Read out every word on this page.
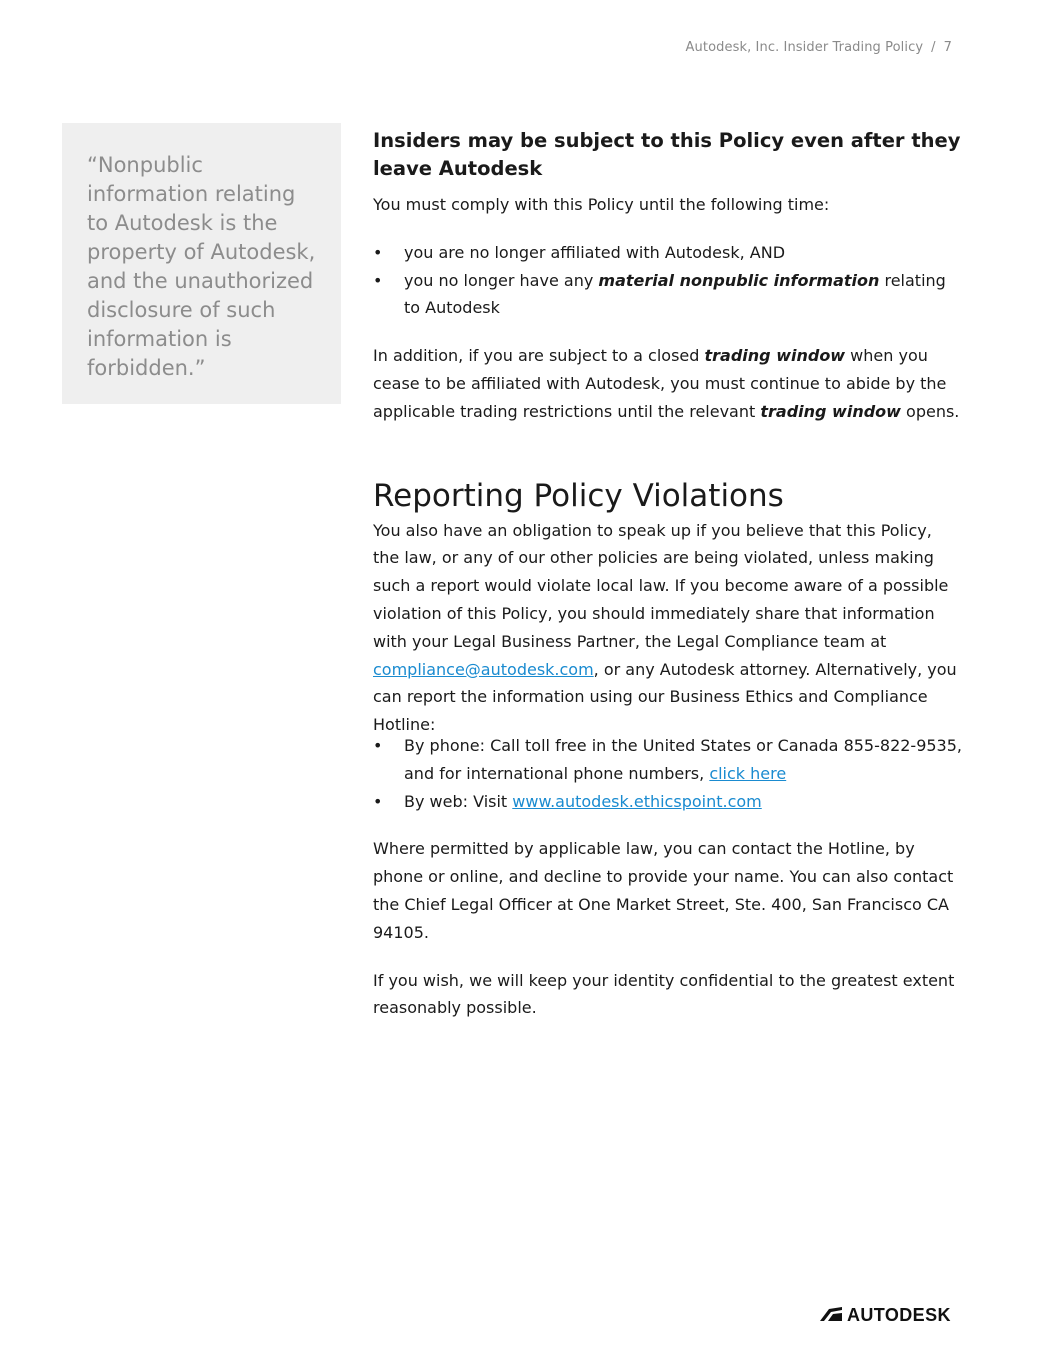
Autodesk, Inc. Insider Trading Policy / 7

“Nonpublic information relating to Autodesk is the property of Autodesk, and the unauthorized disclosure of such information is forbidden.”

Insiders may be subject to this Policy even after they leave Autodesk

You must comply with this Policy until the following time:

• you are no longer affiliated with Autodesk, AND
• you no longer have any material nonpublic information relating to Autodesk

In addition, if you are subject to a closed trading window when you cease to be affiliated with Autodesk, you must continue to abide by the applicable trading restrictions until the relevant trading window opens.

Reporting Policy Violations

You also have an obligation to speak up if you believe that this Policy, the law, or any of our other policies are being violated, unless making such a report would violate local law. If you become aware of a possible violation of this Policy, you should immediately share that information with your Legal Business Partner, the Legal Compliance team at compliance@autodesk.com, or any Autodesk attorney. Alternatively, you can report the information using our Business Ethics and Compliance Hotline:

• By phone: Call toll free in the United States or Canada 855-822-9535, and for international phone numbers, click here
• By web: Visit www.autodesk.ethicspoint.com

Where permitted by applicable law, you can contact the Hotline, by phone or online, and decline to provide your name. You can also contact the Chief Legal Officer at One Market Street, Ste. 400, San Francisco CA 94105.

If you wish, we will keep your identity confidential to the greatest extent reasonably possible.

AUTODESK
